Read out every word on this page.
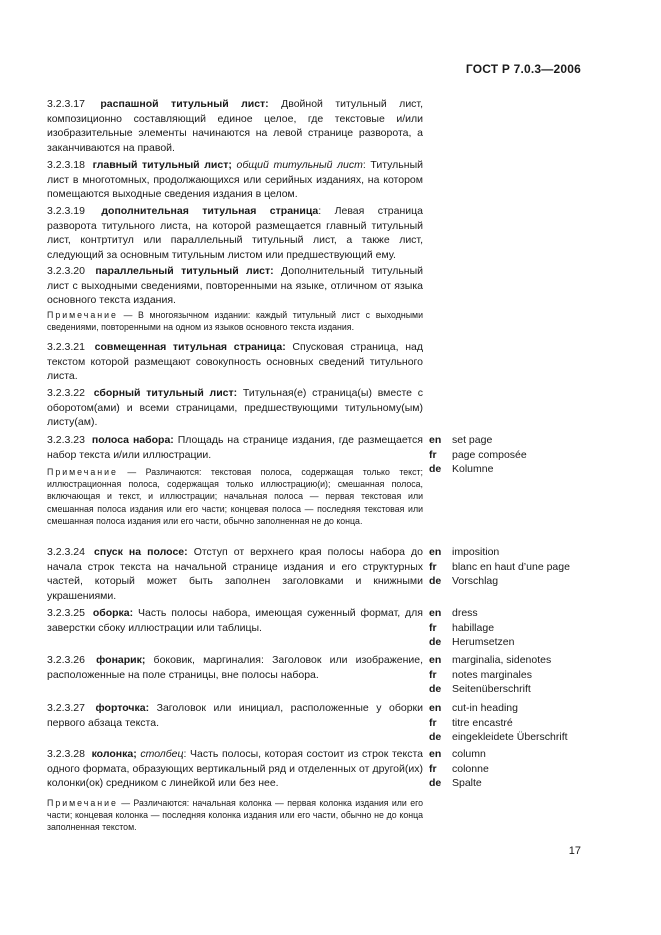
ГОСТ Р 7.0.3—2006
3.2.3.17 распашной титульный лист: Двойной титульный лист, композиционно составляющий единое целое, где текстовые и/или изобразительные элементы начинаются на левой странице разворота, а заканчиваются на правой.
3.2.3.18 главный титульный лист; общий титульный лист: Титульный лист в многотомных, продолжающихся или серийных изданиях, на котором помещаются выходные сведения издания в целом.
3.2.3.19 дополнительная титульная страница: Левая страница разворота титульного листа, на которой размещается главный титульный лист, контртитул или параллельный титульный лист, а также лист, следующий за основным титульным листом или предшествующий ему.
3.2.3.20 параллельный титульный лист: Дополнительный титульный лист с выходными сведениями, повторенными на языке, отличном от языка основного текста издания.
Примечание — В многоязычном издании: каждый титульный лист с выходными сведениями, повторенными на одном из языков основного текста издания.
3.2.3.21 совмещенная титульная страница: Спусковая страница, над текстом которой размещают совокупность основных сведений титульного листа.
3.2.3.22 сборный титульный лист: Титульная(е) страница(ы) вместе с оборотом(ами) и всеми страницами, предшествующими титульному(ым) листу(ам).
3.2.3.23 полоса набора: Площадь на странице издания, где размещается набор текста и/или иллюстрации.
en set page
fr page composée
de Kolumne
Примечание — Различаются: текстовая полоса, содержащая только текст; иллюстрационная полоса, содержащая только иллюстрацию(и); смешанная полоса, включающая и текст, и иллюстрации; начальная полоса — первая текстовая или смешанная полоса издания или его части; концевая полоса — последняя текстовая или смешанная полоса издания или его части, обычно заполненная не до конца.
3.2.3.24 спуск на полосе: Отступ от верхнего края полосы набора до начала строк текста на начальной странице издания и его структурных частей, который может быть заполнен заголовками и книжными украшениями.
en imposition
fr blanc en haut d’une page
de Vorschlag
3.2.3.25 оборка: Часть полосы набора, имеющая суженный формат, для заверстки сбоку иллюстрации или таблицы.
en dress
fr habillage
de Herumsetzen
3.2.3.26 фонарик; боковик, маргиналия: Заголовок или изображение, расположенные на поле страницы, вне полосы набора.
en marginalia, sidenotes
fr notes marginales
de Seitenüberschrift
3.2.3.27 форточка: Заголовок или инициал, расположенные у оборки первого абзаца текста.
en cut-in heading
fr titre encastré
de eingekleidete Überschrift
3.2.3.28 колонка; столбец: Часть полосы, которая состоит из строк текста одного формата, образующих вертикальный ряд и отделенных от другой(их) колонки(ок) средником с линейкой или без нее.
en column
fr colonne
de Spalte
Примечание — Различаются: начальная колонка — первая колонка издания или его части; концевая колонка — последняя колонка издания или его части, обычно не до конца заполненная текстом.
17
